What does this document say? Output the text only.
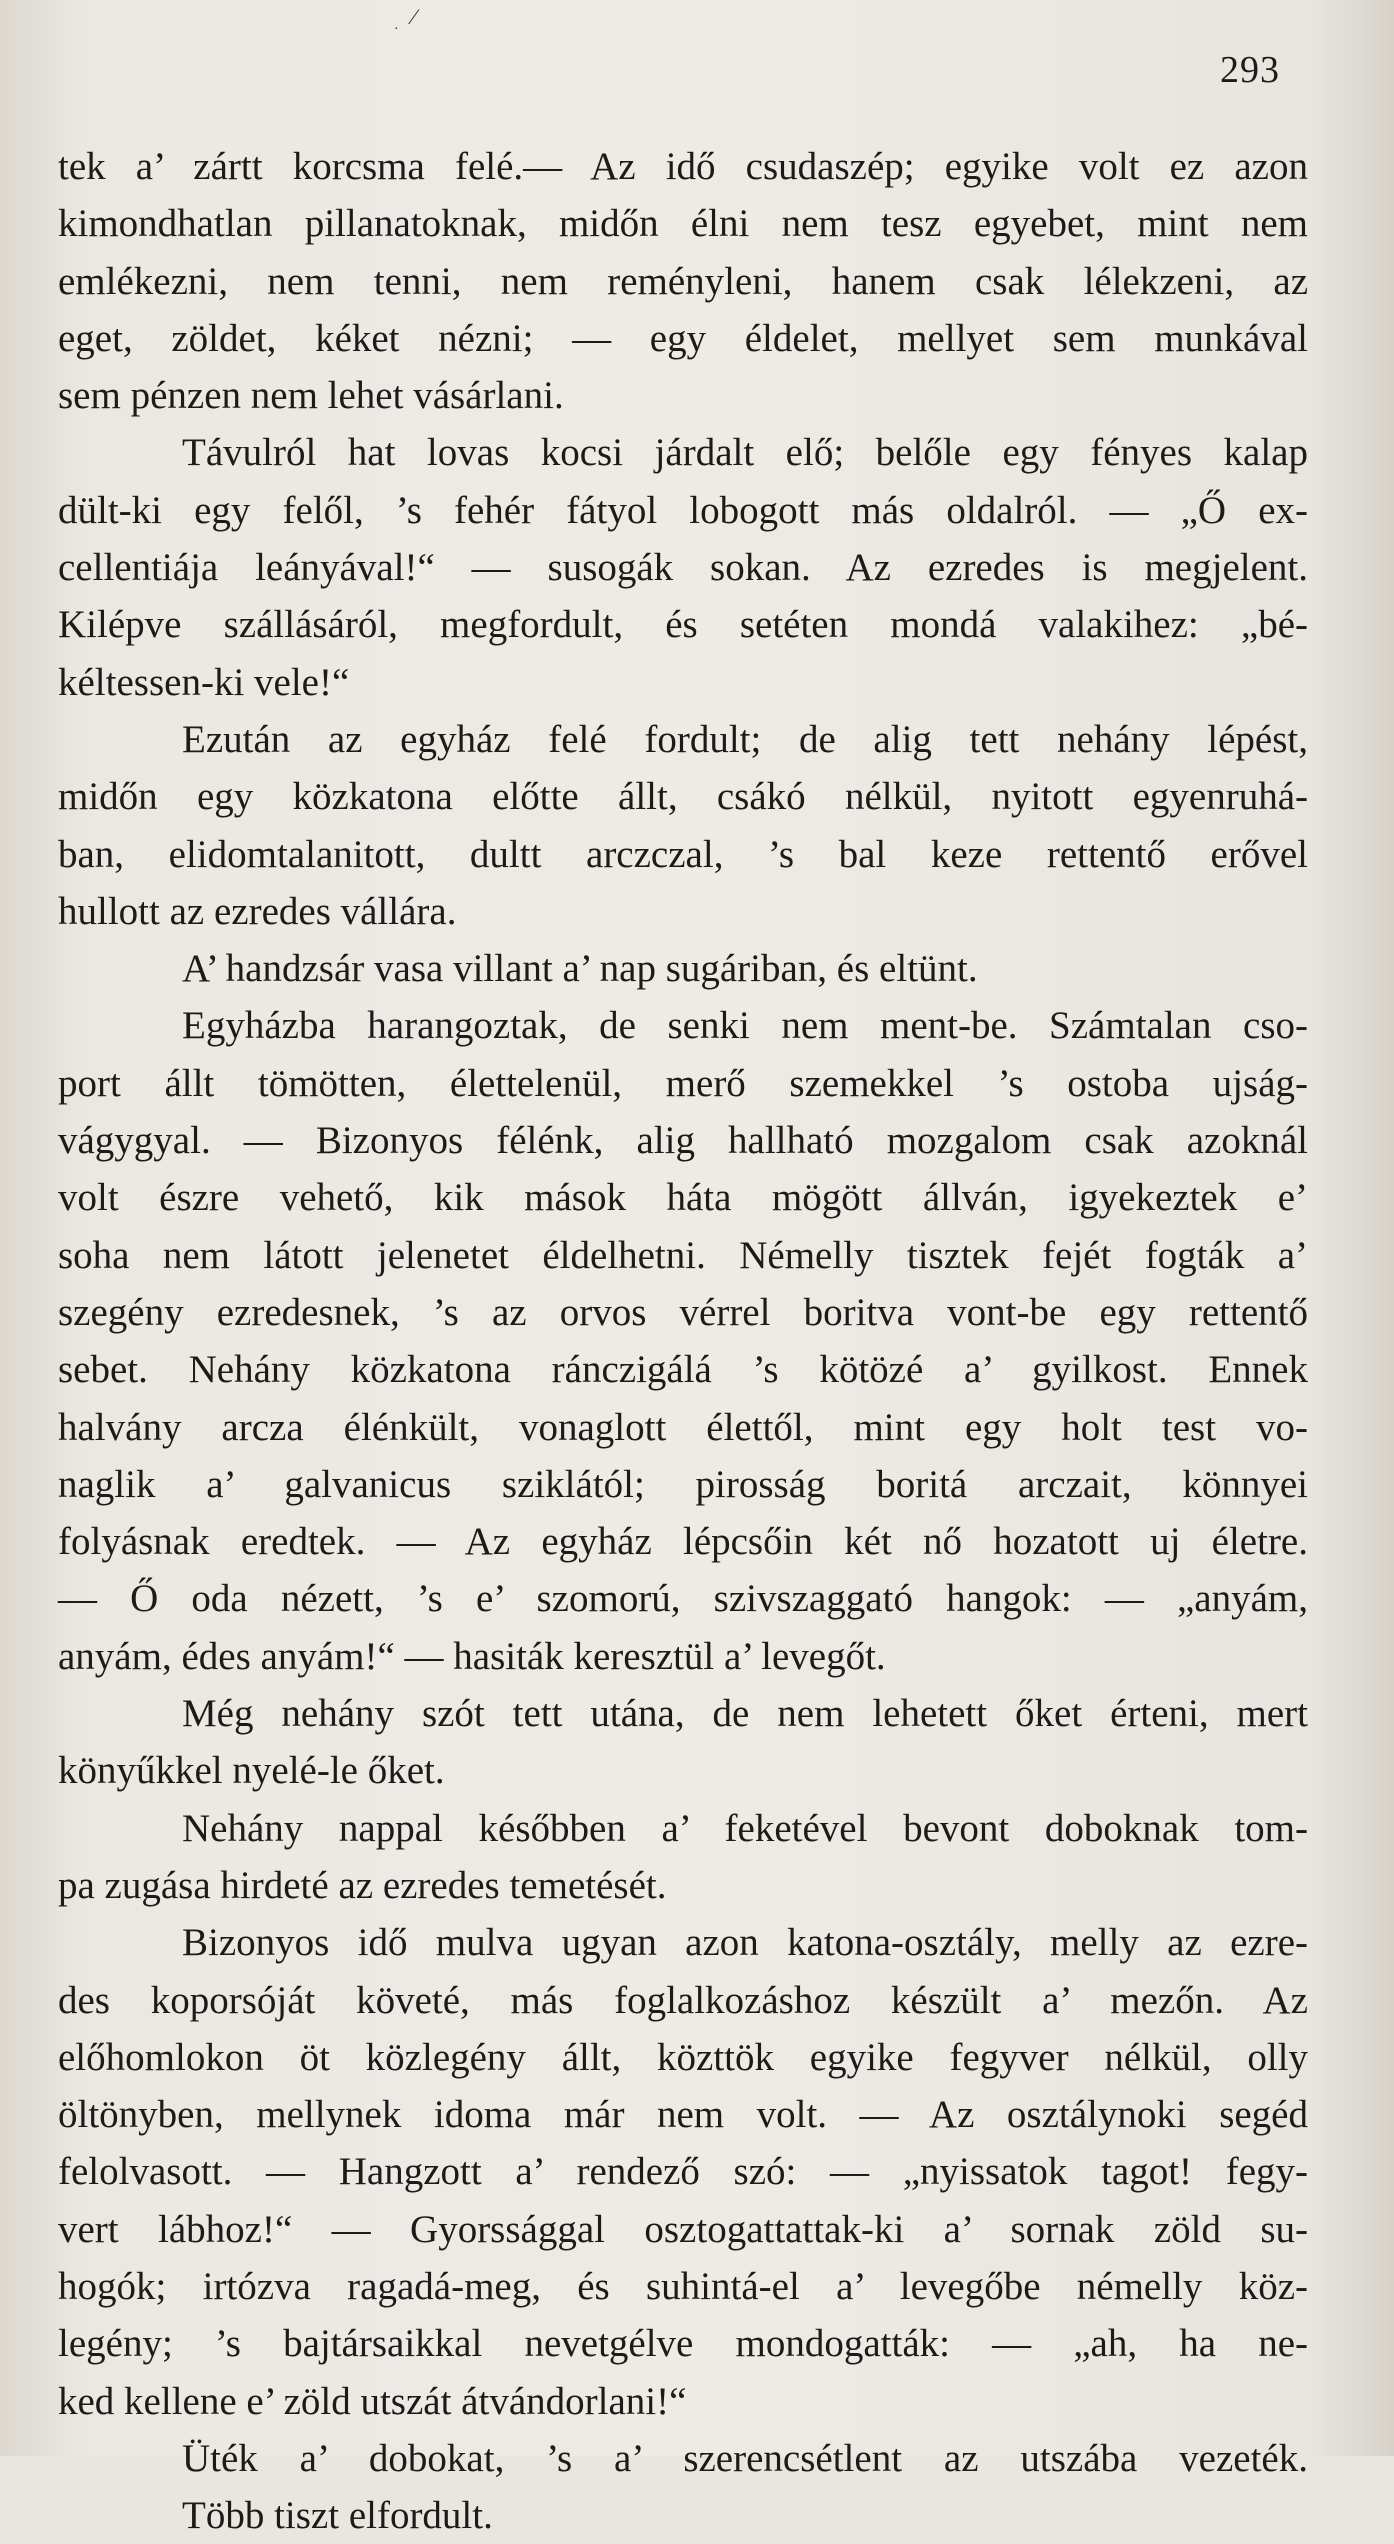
293
⁄
·
tek a’ zártt korcsma felé.— Az idő csudaszép; egyike volt ez azon
kimondhatlan pillanatoknak, midőn élni nem tesz egyebet, mint nem
emlékezni, nem tenni, nem reményleni, hanem csak lélekzeni, az
eget, zöldet, kéket nézni; — egy éldelet, mellyet sem munkával
sem pénzen nem lehet vásárlani.
Távulról hat lovas kocsi járdalt elő; belőle egy fényes kalap
dült-ki egy felől, ’s fehér fátyol lobogott más oldalról. — „Ő ex-
cellentiája leányával!“ — susogák sokan. Az ezredes is megjelent.
Kilépve szállásáról, megfordult, és setéten mondá valakihez: „bé-
kéltessen-ki vele!“
Ezután az egyház felé fordult; de alig tett nehány lépést,
midőn egy közkatona előtte állt, csákó nélkül, nyitott egyenruhá-
ban, elidomtalanitott, dultt arczczal, ’s bal keze rettentő erővel
hullott az ezredes vállára.
A’ handzsár vasa villant a’ nap sugáriban, és eltünt.
Egyházba harangoztak, de senki nem ment-be. Számtalan cso-
port állt tömötten, élettelenül, merő szemekkel ’s ostoba ujság-
vágygyal. — Bizonyos félénk, alig hallható mozgalom csak azoknál
volt észre vehető, kik mások háta mögött állván, igyekeztek e’
soha nem látott jelenetet éldelhetni. Némelly tisztek fejét fogták a’
szegény ezredesnek, ’s az orvos vérrel boritva vont-be egy rettentő
sebet. Nehány közkatona ránczigálá ’s kötözé a’ gyilkost. Ennek
halvány arcza élénkült, vonaglott élettől, mint egy holt test vo-
naglik a’ galvanicus sziklától; pirosság boritá arczait, könnyei
folyásnak eredtek. — Az egyház lépcsőin két nő hozatott uj életre.
— Ő oda nézett, ’s e’ szomorú, szivszaggató hangok: — „anyám,
anyám, édes anyám!“ — hasiták keresztül a’ levegőt.
Még nehány szót tett utána, de nem lehetett őket érteni, mert
könyűkkel nyelé-le őket.
Nehány nappal későbben a’ feketével bevont doboknak tom-
pa zugása hirdeté az ezredes temetését.
Bizonyos idő mulva ugyan azon katona-osztály, melly az ezre-
des koporsóját követé, más foglalkozáshoz készült a’ mezőn. Az
előhomlokon öt közlegény állt, közttök egyike fegyver nélkül, olly
öltönyben, mellynek idoma már nem volt. — Az osztálynoki segéd
felolvasott. — Hangzott a’ rendező szó: — „nyissatok tagot! fegy-
vert lábhoz!“ — Gyorssággal osztogattattak-ki a’ sornak zöld su-
hogók; irtózva ragadá-meg, és suhintá-el a’ levegőbe némelly köz-
legény; ’s bajtársaikkal nevetgélve mondogatták: — „ah, ha ne-
ked kellene e’ zöld utszát átvándorlani!“
Üték a’ dobokat, ’s a’ szerencsétlent az utszába vezeték.
Több tiszt elfordult.
